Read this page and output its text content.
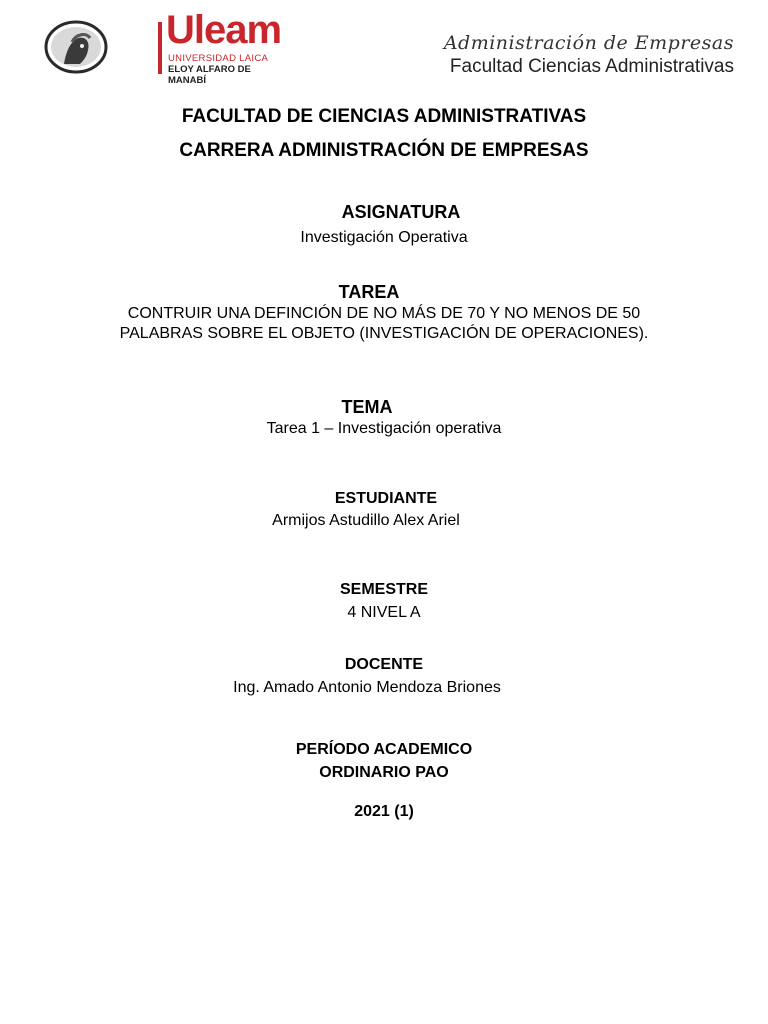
Uleam
UNIVERSIDAD LAICA
ELOY ALFARO DE MANABÍ
Administración de Empresas
Facultad Ciencias Administrativas
FACULTAD DE CIENCIAS ADMINISTRATIVAS
CARRERA ADMINISTRACIÓN DE EMPRESAS
ASIGNATURA
Investigación Operativa
TAREA
CONTRUIR UNA DEFINCIÓN DE NO MÁS DE 70 Y NO MENOS DE 50 PALABRAS SOBRE EL OBJETO (INVESTIGACIÓN DE OPERACIONES).
TEMA
Tarea 1 – Investigación operativa
ESTUDIANTE
Armijos Astudillo Alex Ariel
SEMESTRE
4 NIVEL A
DOCENTE
Ing. Amado Antonio Mendoza Briones
PERÍODO ACADEMICO
ORDINARIO PAO
2021 (1)
